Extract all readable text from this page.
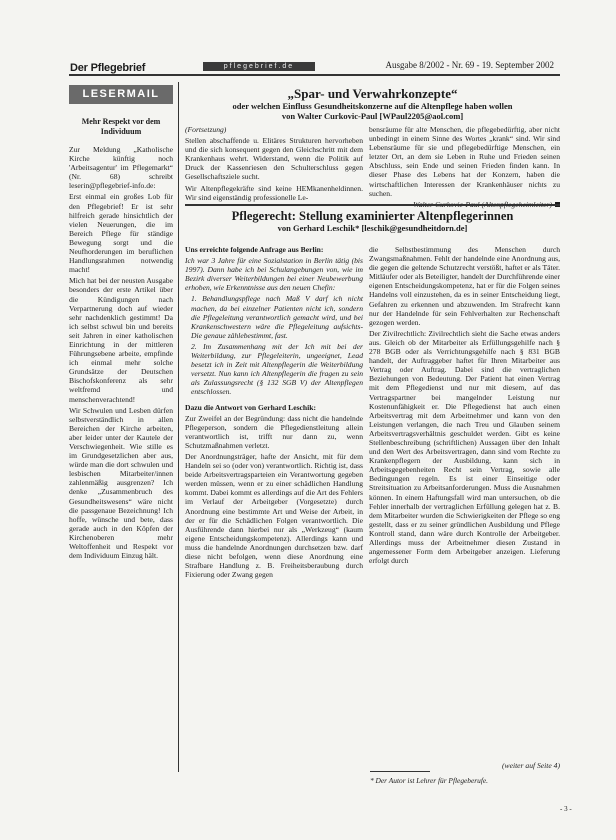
Der Pflegebrief	pflegebrief.de	Ausgabe 8/2002 - Nr. 69 - 19. September 2002
LESERMAIL
Mehr Respekt vor dem Individuum

Zur Meldung „Katholische Kirche künftig noch 'Arbeitsagentur' im Pflegemarkt“ (Nr. 68) schreibt leserin@pflegebrief-info.de:

Erst einmal ein großes Lob für den Pflegebrief! Er ist sehr hilfreich gerade hinsichtlich der vielen Neuerungen, die im Bereich Pflege für ständige Bewegung sorgt und die Neufhorderungen im beruflichen Handlungsrahmen notwendig macht!

Mich hat bei der neusten Ausgabe besonders der erste Artikel über die Kündigungen nach Verpartnerung doch auf wieder sehr nachdenklich gestimmt! Da ich selbst schwul bin und bereits seit Jahren in einer katholischen Einrichtung in der mittleren Führungsebene arbeite, empfinde ich einmal mehr solche Grundsätze der Deutschen Bischofskonferenz als sehr weltfremd und menschenverachtend!

Wir Schwulen und Lesben dürfen selbstverständlich in allen Bereichen der Kirche arbeiten, aber leider unter der Kautele der Verschwiegenheit. Wie stille es im Grundgesetzlichen aber aus, würde man die dort schwulen und lesbischen Mitarbeiter/innen zahlenmäßig ausgrenzen? Ich denke „Zusammenbruch des Gesundheitswesens“ wäre nicht die passgenaue Bezeichnung! Ich hoffe, wünsche und bete, dass gerade auch in den Köpfen der Kirchenoberen mehr Weltoffenheit und Respekt vor dem Individuum Einzug hält.

„Spar- und Verwahrkonzepte“
oder welchen Einfluss Gesundheitskonzerne auf die Altenpflege haben wollen
von Walter Curkovic-Paul [WPaul2205@aol.com]

(Fortsetzung)

Stellen abschaffende u. Elitäres Strukturen hervorheben und die sich konsequent gegen den Gleichschritt mit dem Krankenhaus wehrt. Widerstand, wenn die Politik auf Druck der Kassenriesen den Schulterschluss gegen Gesellschaftsziele sucht.

Wir Altenpflegekräfte sind keine HEMkanenheldinnen. Wir sind eigenständig professionelle Le-

bensräume für alte Menschen, die pflegebedürftig, aber nicht unbedingt in einem Sinne des Wortes „krank“ sind. Wir sind Lebensräume für sie und pflegebedürftige Menschen, ein letzter Ort, an dem sie Leben in Ruhe und Frieden seinen Abschluss, sein Ende und seinen Frieden finden kann. In dieser Phase des Lebens hat der Konzern, haben die wirtschaftlichen Interessen der Krankenhäuser nichts zu suchen.

Pflegerecht: Stellung examinierter Altenpflegerinnen
von Gerhard Leschik* [leschik@gesundheitdorn.de]

Uns erreichte folgende Anfrage aus Berlin:

Ich war 3 Jahre für eine Sozialstation in Berlin tätig (bis 1997). Dann habe ich bei Schulangebungen von, wie im Bezirk diverser Weiterbildungen bei einer Neubewerbung erhoben, wie Erkenntnisse aus den neuen Chefin:

1. Behandlungspflege nach Maß V darf ich nicht machen, da bei einzelner Patienten nicht ich, sondern die Pflegeleitung verantwortlich gemacht wird, und bei Krankenschwestern wäre die Pflegeleitung aufsichts- Die genaue zählebestimmt, fast.

2. Im Zusammenhang mit der Ich mit bei der Weiterbildung, zur Pflegeleiterin, ungeeignet, Lead besetzt ich in Zeit mit Altenpflegerin die Weiterbildung versetzt. Nun kann ich Altenpflegerin die fragen zu sein als Zulassungsrecht (§ 132 SGB V) der Altenpflegen entschlossen.

Dazu die Antwort von Gerhard Leschik:

Zur Zweifel an der Begründung: dass nicht die handelnde Pflegeperson, sondern die Pflegedienstleitung allein verantwortlich ist, trifft nur dann zu, wenn Schutzmaßnahmen verletzt.

Der Anordnungsträger, hafte der Ansicht, mit für dem Handeln sei so (oder von) verantwortlich. Richtig ist, dass beide Arbeitsvertragsparteien ein Verantwortung gegeben werden müssen, wenn er zu einer schädlichen Handlung kommt. Dabei kommt es allerdings auf die Art des Fehlers im Verlauf der Arbeitgeber (Vorgesetzte) durch Anordnung eine bestimmte Art und Weise der Arbeit, in der er für die Schädlichen Folgen verantwortlich. Die Ausführende dann hierbei nur als „Werkzeug“ (kaum eigene Entscheidungskompetenz). Allerdings kann und muss die handelnde Anordnungen durchsetzen bzw. darf diese nicht befolgen, wenn diese Anordnung eine Strafbare Handlung z. B. Freiheitsberaubung durch Fixierung oder Zwang gegen

die Selbstbestimmung des Menschen durch Zwangsmaßnahmen. Fehlt der handelnde eine Anordnung aus, die gegen die geltende Schutzrecht verstößt, haftet er als Täter. Mitläufer oder als Beteiligter, handelt der Durchführende einer eigenen Entscheidungskompetenz, hat er für die Folgen seines Handelns voll einzustehen, da es in seiner Entscheidung liegt, Gefahren zu erkennen und abzuwenden. Im Strafrecht kann nur der Handelnde für sein Fehlverhalten zur Rechenschaft gezogen werden.

Der Zivilrechtlich: Zivilrechtlich sieht die Sache etwas anders aus. Gleich ob der Mitarbeiter als Erfüllungsgehilfe nach § 278 BGB oder als Verrichtungsgehilfe nach § 831 BGB handelt, der Auftraggeber haftet für Ihren Mitarbeiter aus Vertrag oder Auftrag. Dabei sind die vertraglichen Beziehungen von Bedeutung. Der Patient hat einen Vertrag mit dem Pflegedienst und nur mit diesem, auf das Vertragspartner bei mangelnder Leistung nur Kostenunfähigkeit er. Die Pflegedienst hat auch einen Arbeitsvertrag mit dem Arbeitnehmer und kann von den Leistungen verlangen, die nach Treu und Glauben seinem Arbeitsvertragsverhältnis geschuldet werden. Gibt es keine Stellenbeschreibung (schriftlichen) Aussagen über den Inhalt und den Wert des Arbeitsvertragen, dann sind vom Rechte zu Krankenpflegern der Ausbildung, kann sich in Arbeitsgegebenheiten Recht sein Vertrag, sowie alle Bedingungen regeln. Es ist einer Einseitige oder Streitsituation zu Arbeitsanforderungen. Muss die Ausnahmen können. In einem Haftungsfall wird man untersuchen, ob die Fehler innerhalb der vertraglichen Erfüllung gelegen hat z. B. dem Mitarbeiter wurden die Schwierigkeiten der Pflege so eng gestellt, dass er zu seiner gründlichen Ausbildung und Pflege Kontroll stand, dann wäre durch Kontrolle der Arbeitgeber. Allerdings muss der Arbeitnehmer diesen Zustand in angemessener Form dem Arbeitgeber anzeigen. Lieferung erfolgt durch

(weiter auf Seite 4)
* Der Autor ist Lehrer für Pflegeberufe.
- 3 -
